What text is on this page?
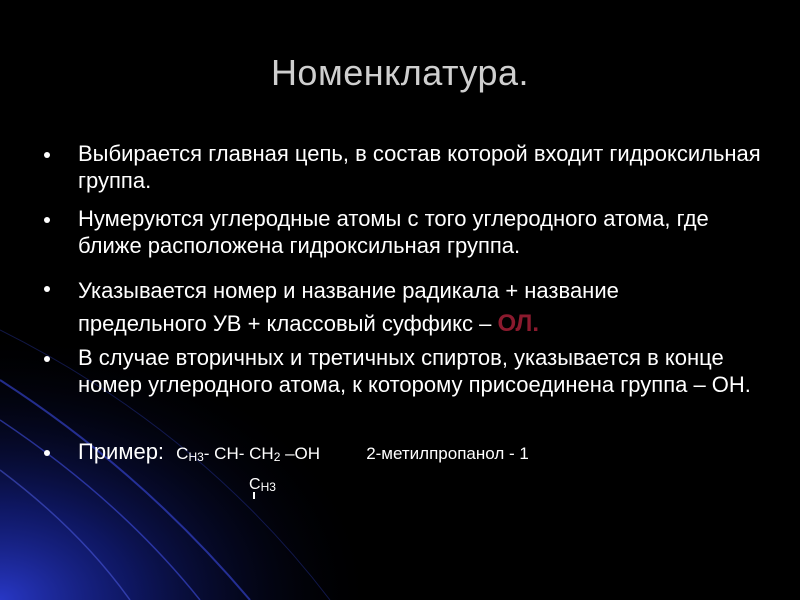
Номенклатура.
Выбирается главная цепь, в состав которой входит гидроксильная группа.
Нумеруются углеродные атомы с того углеродного атома, где ближе расположена гидроксильная группа.
Указывается номер и название радикала + название
предельного УВ + классовый суффикс – ОЛ.
В случае вторичных и третичных спиртов, указывается в конце номер углеродного атома, к которому присоединена группа – ОН.
Пример: $C_{Н3}-$ CH- $CH_2$ –OH	2-метилпропанол - 1
$C_{H3}$
